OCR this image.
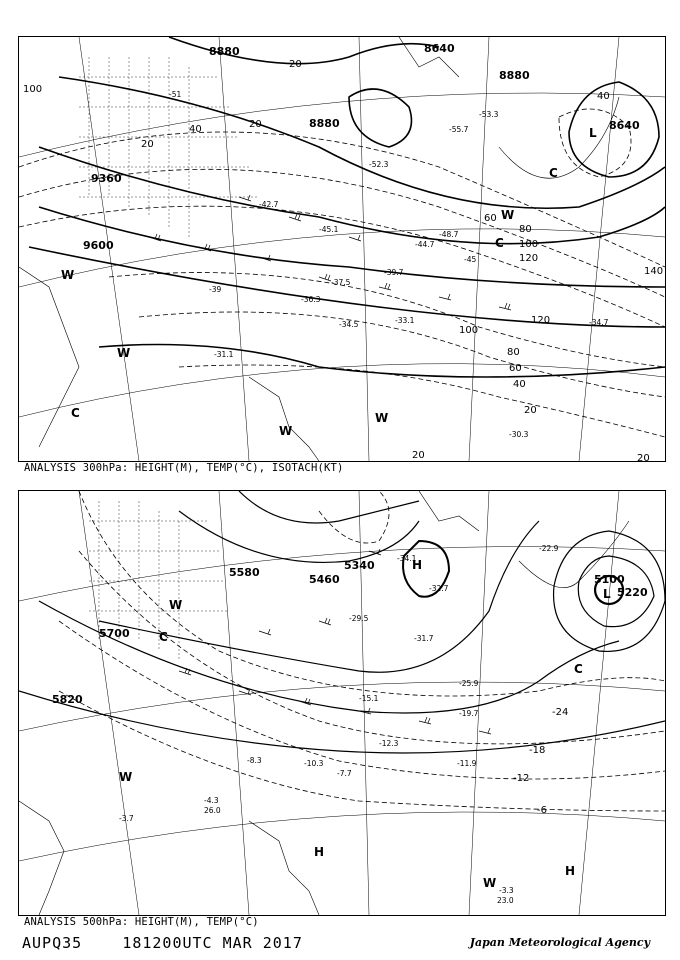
8880	8640
8880
8640
8880
9360
9600
20
40	20
20
40
60
80
100
120
120
140
100
80
60
40
20
20	20
100
L
W
W
C
C
C
W
W
W
-30.3
-51
-52.3
-55.7
-53.3
-45
-48.7
-39.7
-45.1
-44.7
-34.7
-34.5	-33.1
-36.3
-37.5
-31.1
-39
-42.7
ANALYSIS 300hPa: HEIGHT(M), TEMP(°C), ISOTACH(KT)
5100
5220
5340
5460
5580
5700
5820
-24
-18
-12
-6
L
H
H
H
W
C
C
W
W
-34.1
-32.7
-31.7
-29.5
-22.9
-25.9
-19.7
-15.1
-12.3
-11.9
-10.3
-8.3
-7.7
-4.3
-3.7
-3.3
23.0
26.0
ANALYSIS 500hPa: HEIGHT(M), TEMP(°C)
AUPQ35	181200UTC MAR 2017	Japan Meteorological Agency
